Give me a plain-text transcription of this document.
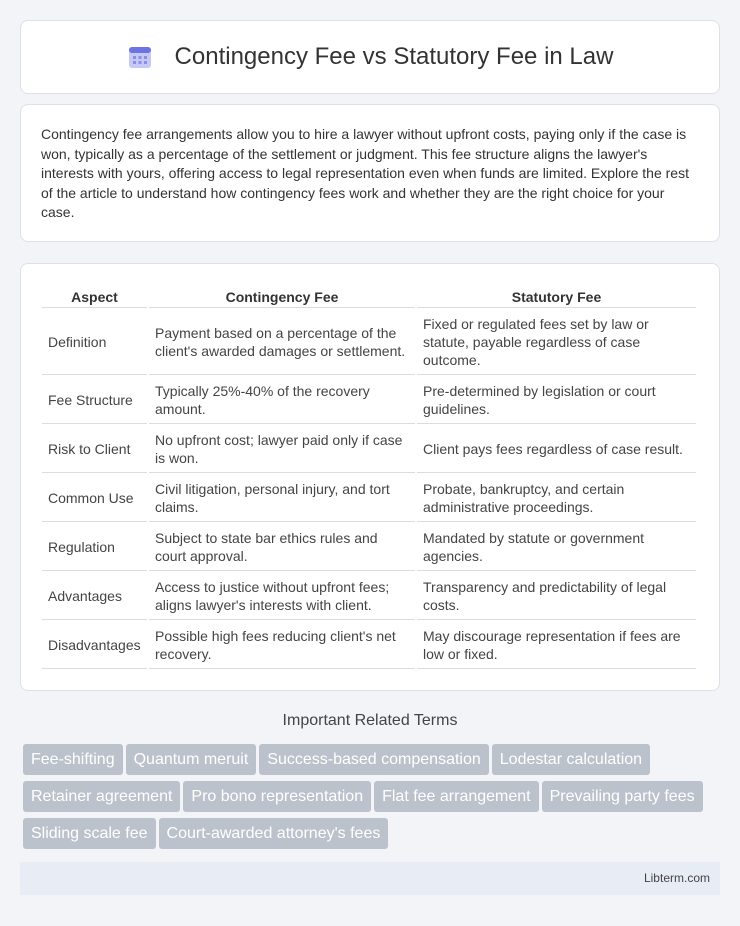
Contingency Fee vs Statutory Fee in Law

Contingency fee arrangements allow you to hire a lawyer without upfront costs, paying only if the case is won, typically as a percentage of the settlement or judgment. This fee structure aligns the lawyer's interests with yours, offering access to legal representation even when funds are limited. Explore the rest of the article to understand how contingency fees work and whether they are the right choice for your case.

Aspect	Contingency Fee	Statutory Fee
Definition	Payment based on a percentage of the client's awarded damages or settlement.	Fixed or regulated fees set by law or statute, payable regardless of case outcome.
Fee Structure	Typically 25%-40% of the recovery amount.	Pre-determined by legislation or court guidelines.
Risk to Client	No upfront cost; lawyer paid only if case is won.	Client pays fees regardless of case result.
Common Use	Civil litigation, personal injury, and tort claims.	Probate, bankruptcy, and certain administrative proceedings.
Regulation	Subject to state bar ethics rules and court approval.	Mandated by statute or government agencies.
Advantages	Access to justice without upfront fees; aligns lawyer's interests with client.	Transparency and predictability of legal costs.
Disadvantages	Possible high fees reducing client's net recovery.	May discourage representation if fees are low or fixed.
Important Related Terms
Fee-shifting Quantum meruit Success-based compensation Lodestar calculation
Retainer agreement Pro bono representation Flat fee arrangement Prevailing party fees
Sliding scale fee Court-awarded attorney's fees
Libterm.com
